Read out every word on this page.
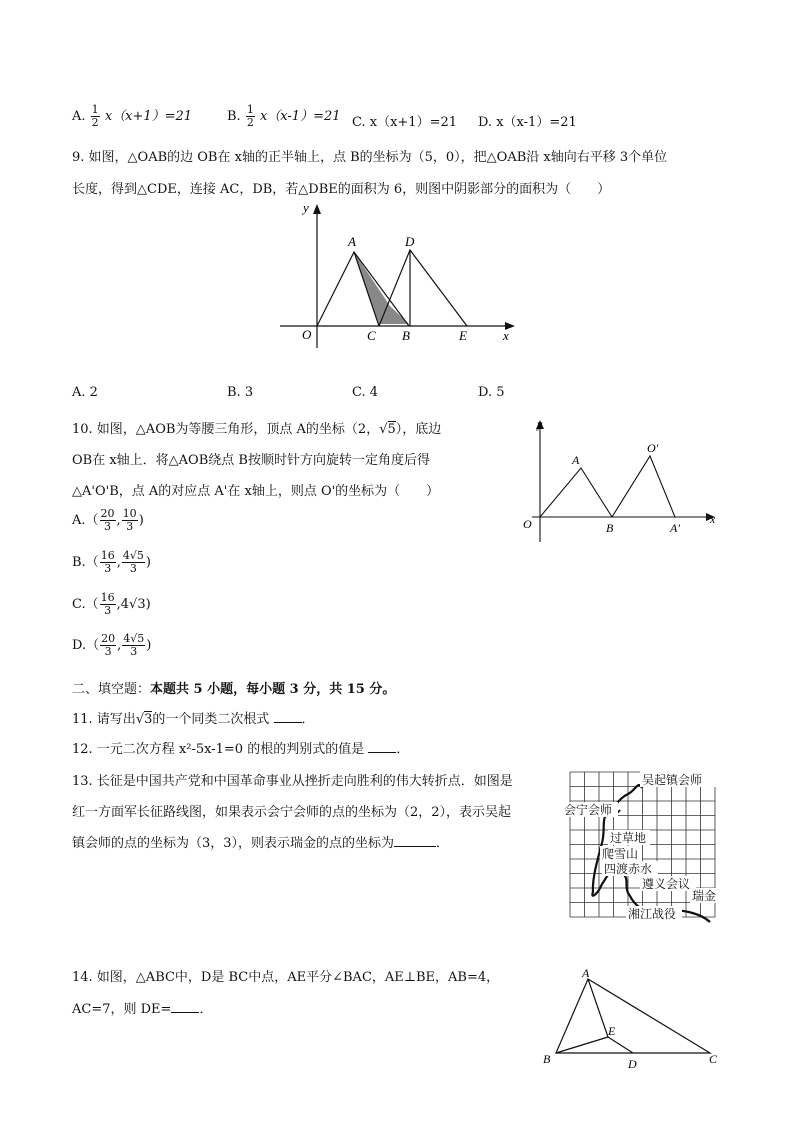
A. $\frac{1}{2} x(x+1)=21$	B. $\frac{1}{2} x(x-1)=21$ C. x（x+1）=21 D. x（x-1）=21
9. 如图，△OAB的边 OB在 x轴的正半轴上，点 B的坐标为（5，0），把△OAB沿 x轴向右平移 3个单位
长度，得到△CDE，连接 AC，DB，若△DBE的面积为 6，则图中阴影部分的面积为（　　）
y
x
O
A	D
C B	E
A. 2	B. 3	C. 4	D. 5
10. 如图，△AOB为等腰三角形，顶点 A的坐标（2，√5），底边
OB在 x轴上．将△AOB绕点 B按顺时针方向旋转一定角度后得
△A'O'B，点 A的对应点 A'在 x轴上，则点 O'的坐标为（　　）
$A.( \frac{20}{3}$ , $\frac{10}{3}$ )
$B.( \frac{16}{3}$ , $\frac{4√5}{3}$ )
$C.( \frac{16}{3} ,4√3)$
$D.( \frac{20}{3}$ , $\frac{4√5}{3}$ )
y
x
O
A
B	A'
O'
二、填空题：本题共 5 小题，每小题 3 分，共 15 分。
11. 请写出√3的一个同类二次根式 ．
12. 一元二次方程 x²-5x-1=0 的根的判别式的值是 ．
13. 长征是中国共产党和中国革命事业从挫折走向胜利的伟大转折点．如图是
红一方面军长征路线图，如果表示会宁会师的点的坐标为（2，2），表示吴起
镇会师的点的坐标为（3，3），则表示瑞金的点的坐标为	．
吴起镇会师
会宁会师
过草地
爬雪山
四渡赤水
遵义会议
瑞金
湘江战役
14. 如图，△ABC中，D是 BC中点，AE平分∠BAC，AE⊥BE，AB=4，
AC=7，则 DE= ．
A
B	C
D
E
